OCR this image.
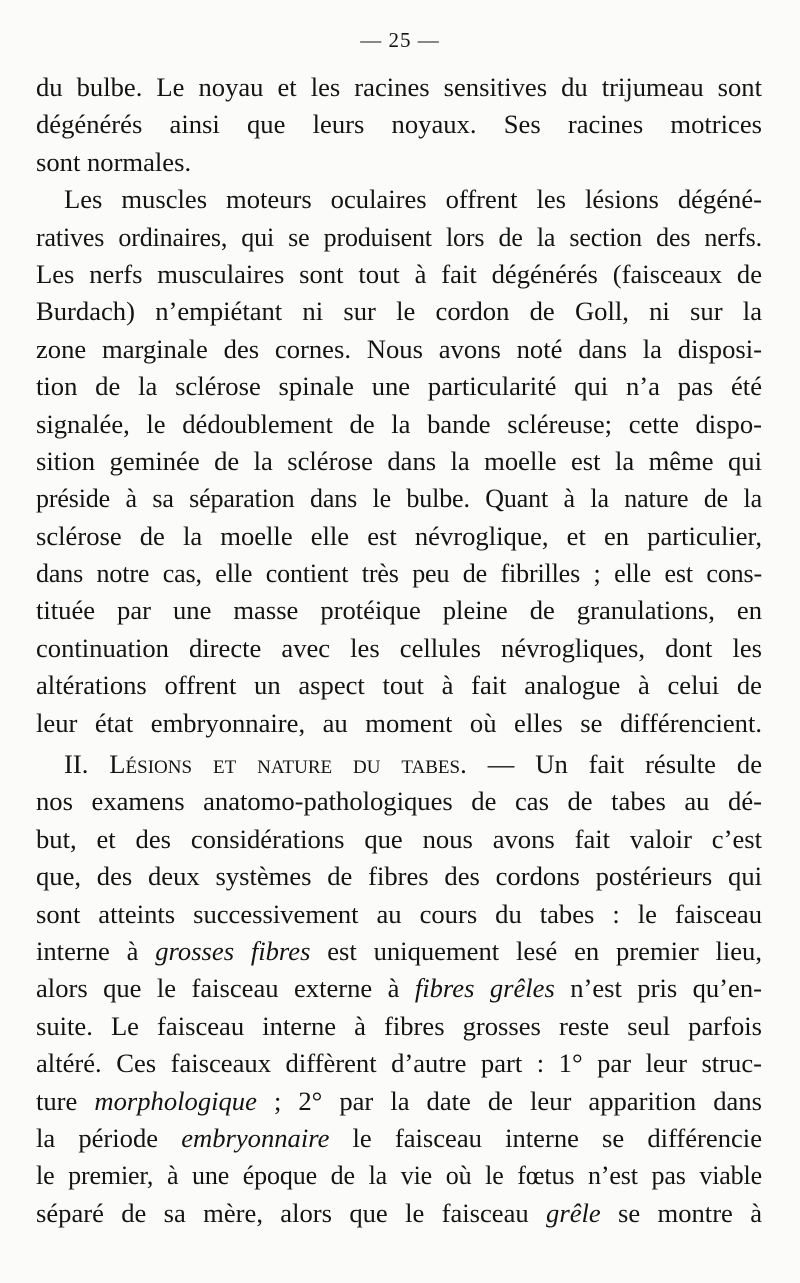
— 25 —
du bulbe. Le noyau et les racines sensitives du trijumeau sont
dégénérés ainsi que leurs noyaux. Ses racines motrices
sont normales.
Les muscles moteurs oculaires offrent les lésions dégéné-
ratives ordinaires, qui se produisent lors de la section des nerfs.
Les nerfs musculaires sont tout à fait dégénérés (faisceaux de
Burdach) n’empiétant ni sur le cordon de Goll, ni sur la
zone marginale des cornes. Nous avons noté dans la disposi-
tion de la sclérose spinale une particularité qui n’a pas été
signalée, le dédoublement de la bande scléreuse; cette dispo-
sition geminée de la sclérose dans la moelle est la même qui
préside à sa séparation dans le bulbe. Quant à la nature de la
sclérose de la moelle elle est névroglique, et en particulier,
dans notre cas, elle contient très peu de fibrilles ; elle est cons-
tituée par une masse protéique pleine de granulations, en
continuation directe avec les cellules névrogliques, dont les
altérations offrent un aspect tout à fait analogue à celui de
leur état embryonnaire, au moment où elles se différencient.
II. Lésions et nature du tabes. — Un fait résulte de
nos examens anatomo-pathologiques de cas de tabes au dé-
but, et des considérations que nous avons fait valoir c’est
que, des deux systèmes de fibres des cordons postérieurs qui
sont atteints successivement au cours du tabes : le faisceau
interne à grosses fibres est uniquement lesé en premier lieu,
alors que le faisceau externe à fibres grêles n’est pris qu’en-
suite. Le faisceau interne à fibres grosses reste seul parfois
altéré. Ces faisceaux diffèrent d’autre part : 1° par leur struc-
ture morphologique ; 2° par la date de leur apparition dans
la période embryonnaire le faisceau interne se différencie
le premier, à une époque de la vie où le fœtus n’est pas viable
séparé de sa mère, alors que le faisceau grêle se montre à
